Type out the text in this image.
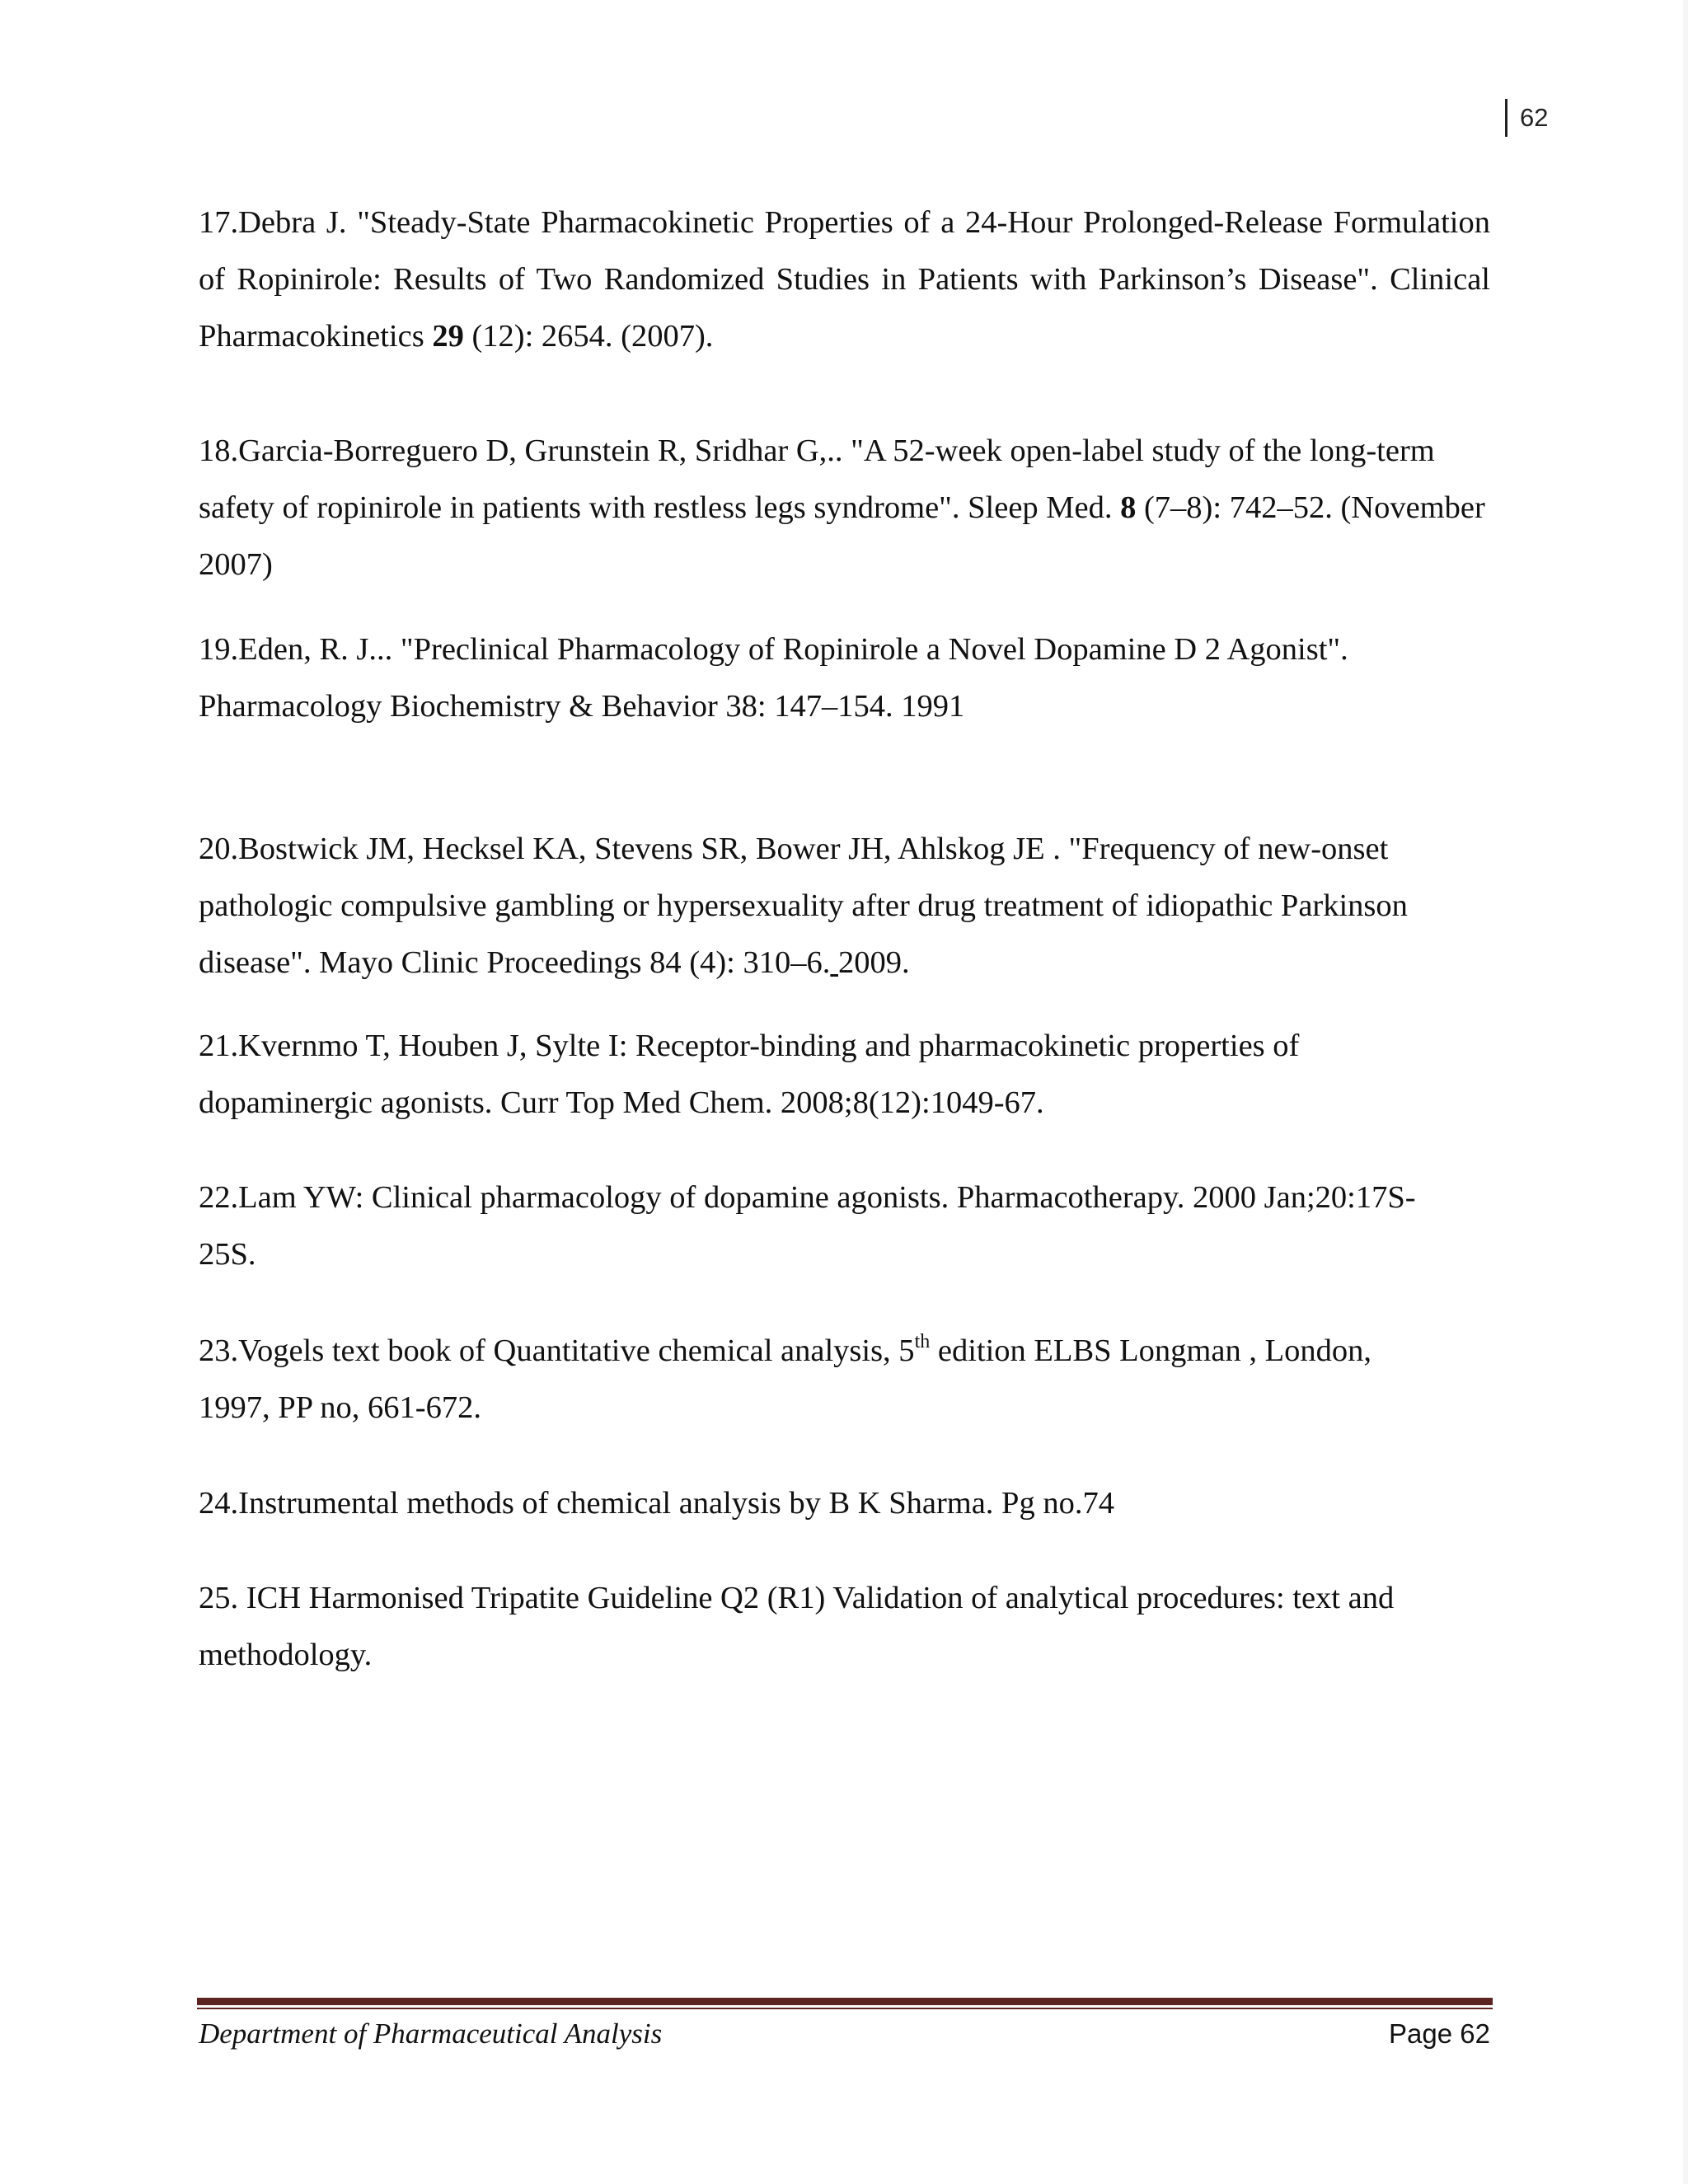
62

17.Debra J. "Steady-State Pharmacokinetic Properties of a 24-Hour Prolonged-Release Formulation of Ropinirole: Results of Two Randomized Studies in Patients with Parkinson’s Disease". Clinical Pharmacokinetics 29 (12): 2654. (2007).

18.Garcia-Borreguero D, Grunstein R, Sridhar G,.. "A 52-week open-label study of the long-term safety of ropinirole in patients with restless legs syndrome". Sleep Med. 8 (7–8): 742–52. (November 2007)

19.Eden, R. J... "Preclinical Pharmacology of Ropinirole a Novel Dopamine D 2 Agonist".
Pharmacology Biochemistry & Behavior 38: 147–154. 1991
20.Bostwick JM, Hecksel KA, Stevens SR, Bower JH, Ahlskog JE . "Frequency of new-onset
pathologic compulsive gambling or hypersexuality after drug treatment of idiopathic Parkinson
disease". Mayo Clinic Proceedings 84 (4): 310–6. 2009.
21.Kvernmo T, Houben J, Sylte I: Receptor-binding and pharmacokinetic properties of
dopaminergic agonists. Curr Top Med Chem. 2008;8(12):1049-67.
22.Lam YW: Clinical pharmacology of dopamine agonists. Pharmacotherapy. 2000 Jan;20:17S-
25S.
23.Vogels text book of Quantitative chemical analysis, 5th edition ELBS Longman , London,
1997, PP no, 661-672.
24.Instrumental methods of chemical analysis by B K Sharma. Pg no.74
25. ICH Harmonised Tripatite Guideline Q2 (R1) Validation of analytical procedures: text and
methodology.
Department of Pharmaceutical Analysis	Page 62
